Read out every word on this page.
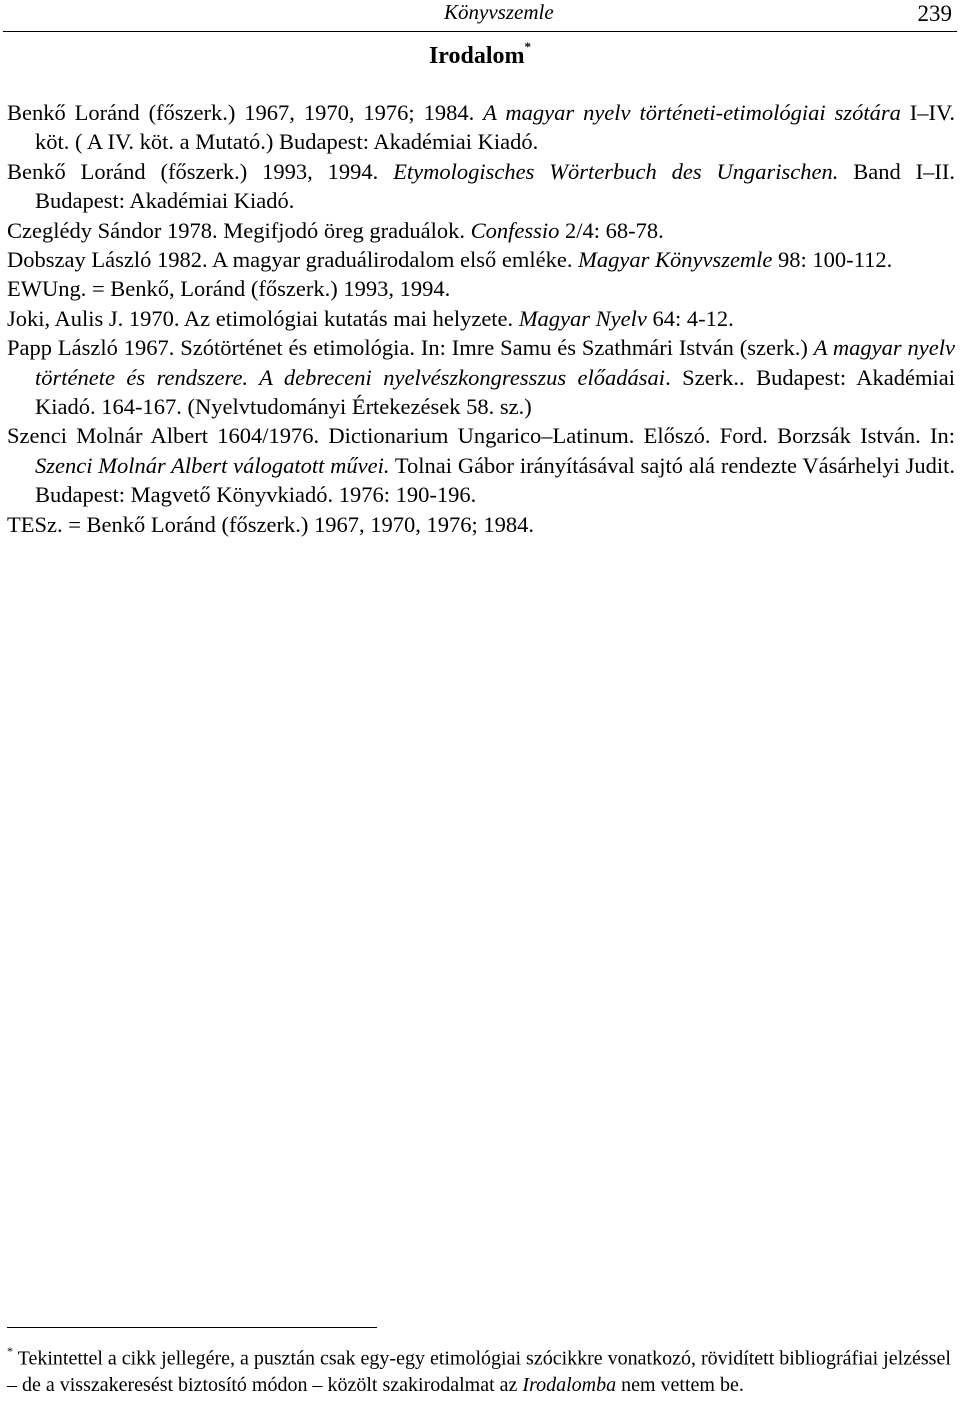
Könyvszemle	239
Irodalom*

Benkő Loránd (főszerk.) 1967, 1970, 1976; 1984. A magyar nyelv történeti-etimológiai szótára I–IV. köt. ( A IV. köt. a Mutató.) Budapest: Akadémiai Kiadó.

Benkő Loránd (főszerk.) 1993, 1994. Etymologisches Wörterbuch des Ungarischen. Band I–II. Budapest: Akadémiai Kiadó.

Czeglédy Sándor 1978. Megifjodó öreg graduálok. Confessio 2/4: 68-78.

Dobszay László 1982. A magyar graduálirodalom első emléke. Magyar Könyvszemle 98: 100-112.

EWUng. = Benkő, Loránd (főszerk.) 1993, 1994.

Joki, Aulis J. 1970. Az etimológiai kutatás mai helyzete. Magyar Nyelv 64: 4-12.

Papp László 1967. Szótörténet és etimológia. In: Imre Samu és Szathmári István (szerk.) A magyar nyelv története és rendszere. A debreceni nyelvészkongresszus előadásai. Szerk.. Budapest: Akadémiai Kiadó. 164-167. (Nyelvtudományi Értekezések 58. sz.)

Szenci Molnár Albert 1604/1976. Dictionarium Ungarico–Latinum. Előszó. Ford. Borzsák István. In: Szenci Molnár Albert válogatott művei. Tolnai Gábor irányításával sajtó alá rendezte Vásárhelyi Judit. Budapest: Magvető Könyvkiadó. 1976: 190-196.

TESz. = Benkő Loránd (főszerk.) 1967, 1970, 1976; 1984.

* Tekintettel a cikk jellegére, a pusztán csak egy-egy etimológiai szócikkre vonatkozó, rövidített bibliográfiai jelzéssel – de a visszakeresést biztosító módon – közölt szakirodalmat az Irodalomba nem vettem be.
